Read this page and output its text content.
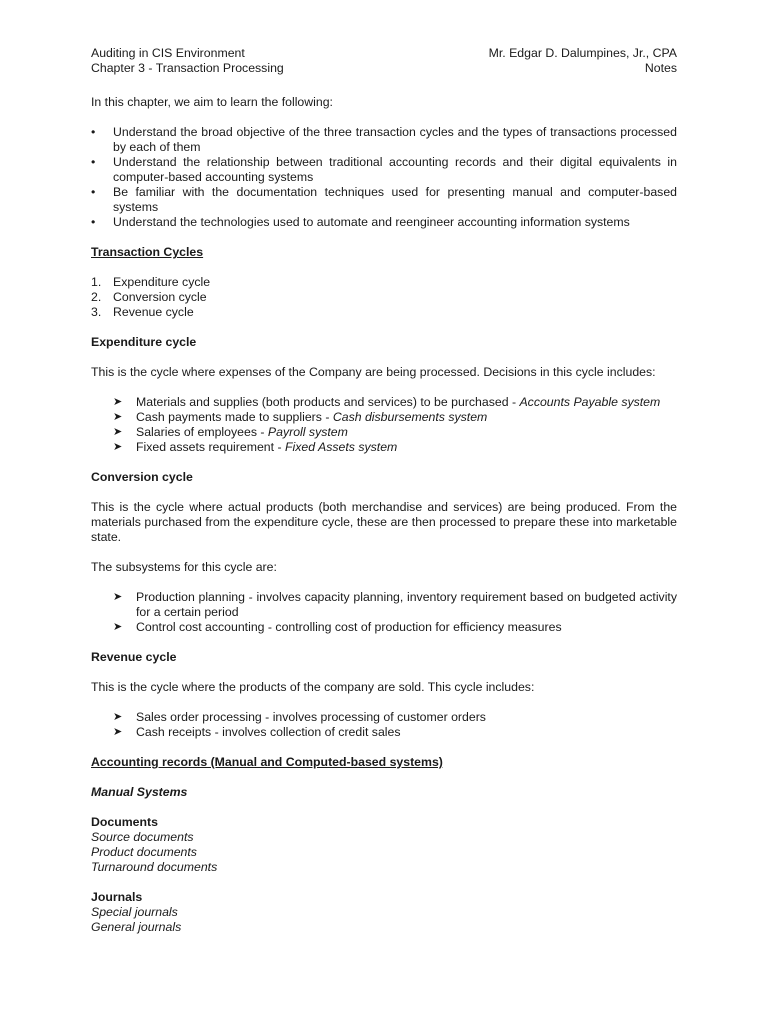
Auditing in CIS Environment	Mr. Edgar D. Dalumpines, Jr., CPA
Chapter 3 - Transaction Processing	Notes

In this chapter, we aim to learn the following:

• Understand the broad objective of the three transaction cycles and the types of transactions processed by each of them
• Understand the relationship between traditional accounting records and their digital equivalents in computer-based accounting systems
• Be familiar with the documentation techniques used for presenting manual and computer-based systems
• Understand the technologies used to automate and reengineer accounting information systems

Transaction Cycles

1. Expenditure cycle
2. Conversion cycle
3. Revenue cycle

Expenditure cycle

This is the cycle where expenses of the Company are being processed. Decisions in this cycle includes:

➤ Materials and supplies (both products and services) to be purchased - Accounts Payable system
➤ Cash payments made to suppliers - Cash disbursements system
➤ Salaries of employees - Payroll system
➤ Fixed assets requirement - Fixed Assets system

Conversion cycle

This is the cycle where actual products (both merchandise and services) are being produced. From the materials purchased from the expenditure cycle, these are then processed to prepare these into marketable state.

The subsystems for this cycle are:

➤ Production planning - involves capacity planning, inventory requirement based on budgeted activity for a certain period
➤ Control cost accounting - controlling cost of production for efficiency measures

Revenue cycle

This is the cycle where the products of the company are sold. This cycle includes:

➤ Sales order processing - involves processing of customer orders
➤ Cash receipts - involves collection of credit sales

Accounting records (Manual and Computed-based systems)

Manual Systems

Documents
Source documents
Product documents
Turnaround documents
Journals
Special journals
General journals
